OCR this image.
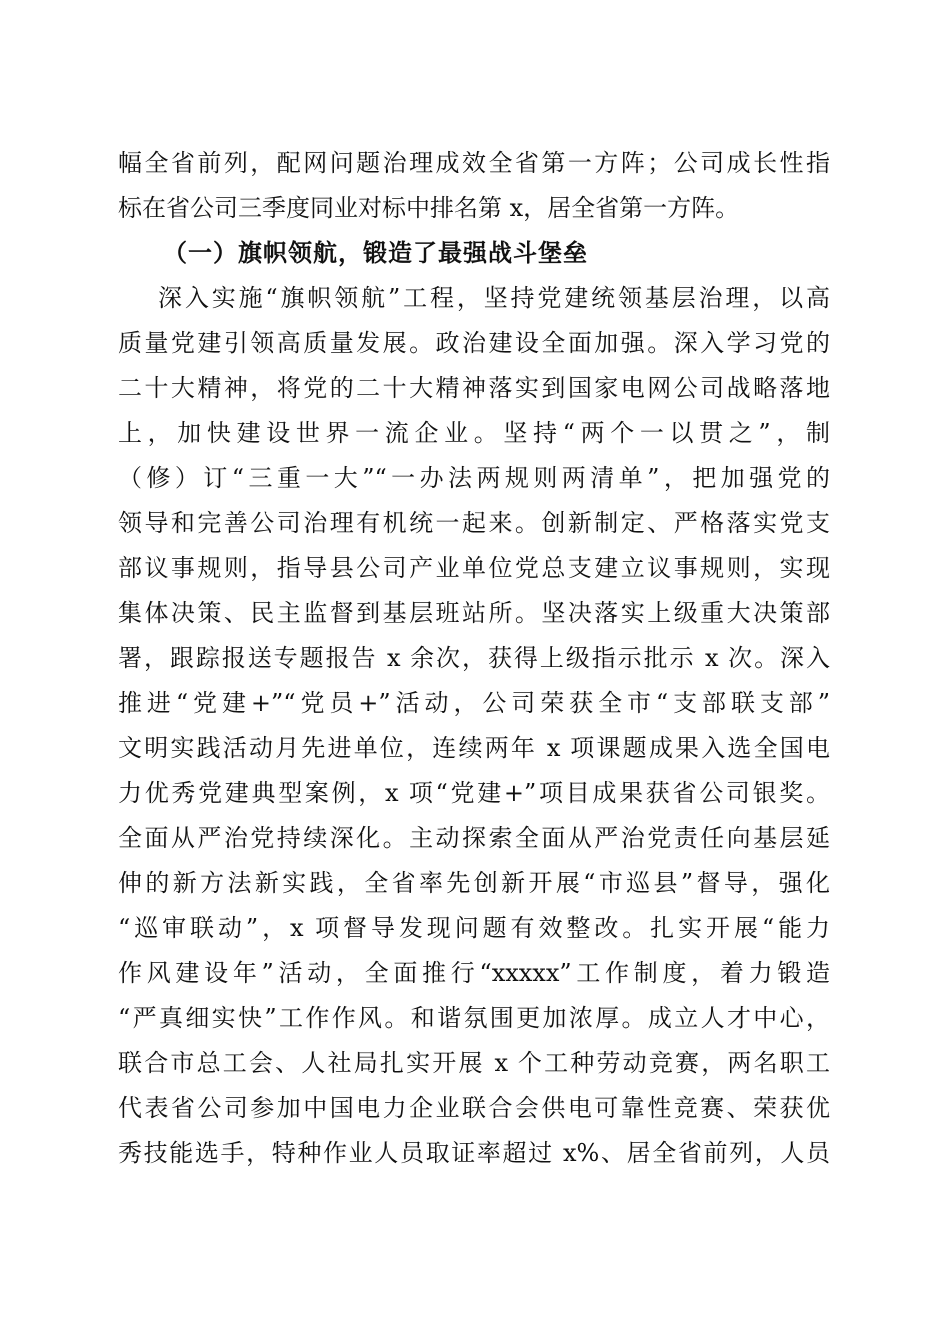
幅全省前列，配网问题治理成效全省第一方阵；公司成长性指
标在省公司三季度同业对标中排名第 x，居全省第一方阵。
（一）旗帜领航，锻造了最强战斗堡垒
深入实施“旗帜领航”工程，坚持党建统领基层治理，以高
质量党建引领高质量发展。政治建设全面加强。深入学习党的
二十大精神，将党的二十大精神落实到国家电网公司战略落地
上，加快建设世界一流企业。坚持“两个一以贯之”，制
（修）订“三重一大”“一办法两规则两清单”，把加强党的
领导和完善公司治理有机统一起来。创新制定、严格落实党支
部议事规则，指导县公司产业单位党总支建立议事规则，实现
集体决策、民主监督到基层班站所。坚决落实上级重大决策部
署，跟踪报送专题报告 x 余次，获得上级指示批示 x 次。深入
推进“党建+”“党员+”活动，公司荣获全市“支部联支部”
文明实践活动月先进单位，连续两年 x 项课题成果入选全国电
力优秀党建典型案例，x 项“党建+”项目成果获省公司银奖。
全面从严治党持续深化。主动探索全面从严治党责任向基层延
伸的新方法新实践，全省率先创新开展“市巡县”督导，强化
“巡审联动”，x 项督导发现问题有效整改。扎实开展“能力
作风建设年”活动，全面推行“xxxxx”工作制度，着力锻造
“严真细实快”工作作风。和谐氛围更加浓厚。成立人才中心，
联合市总工会、人社局扎实开展 x 个工种劳动竞赛，两名职工
代表省公司参加中国电力企业联合会供电可靠性竞赛、荣获优
秀技能选手，特种作业人员取证率超过 x%、居全省前列，人员
